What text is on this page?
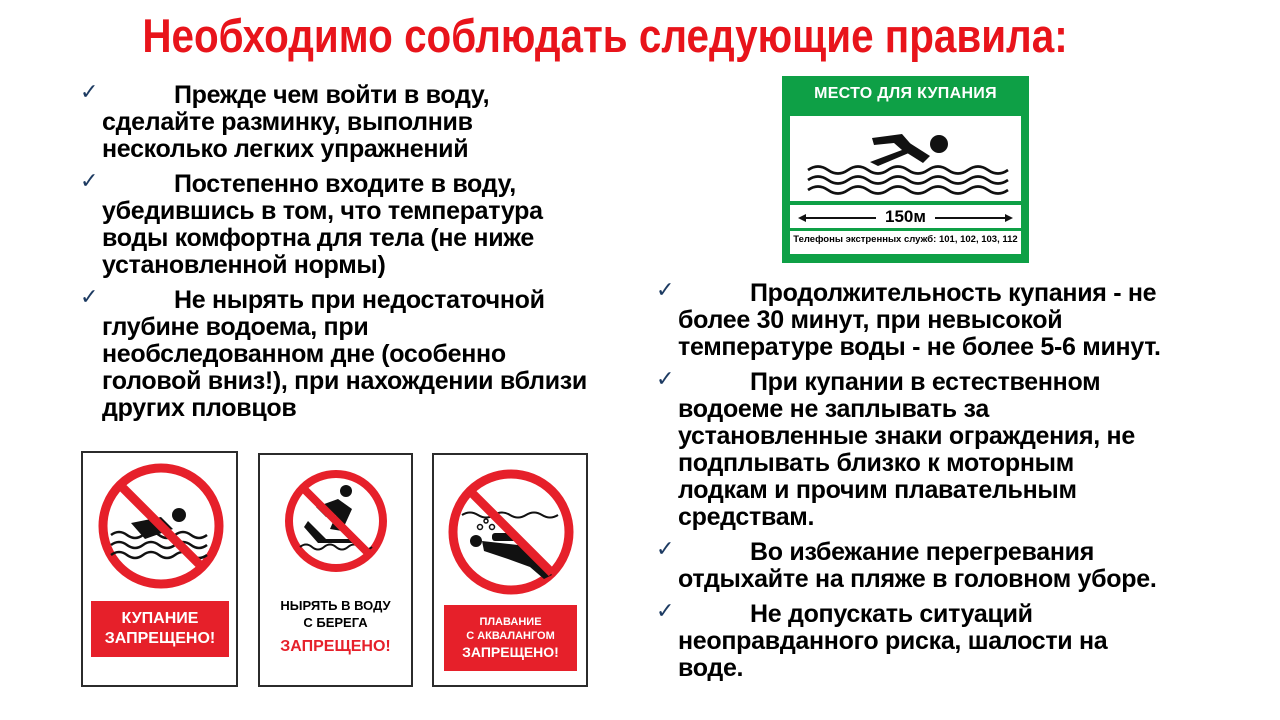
Необходимо соблюдать следующие правила:
✓	Прежде чем войти в воду,
сделайте разминку, выполнив
несколько легких упражнений
✓	Постепенно входите в воду,
убедившись в том, что температура
воды комфортна для тела (не ниже
установленной нормы)
✓	Не нырять при недостаточной
глубине водоема, при
необследованном дне (особенно
головой вниз!), при нахождении вблизи
других пловцов
✓	Продолжительность купания - не
более 30 минут, при невысокой
температуре воды - не более 5-6 минут.
✓	При купании в естественном
водоеме не заплывать за
установленные знаки ограждения, не
подплывать близко к моторным
лодкам и прочим плавательным
средствам.
✓	Во избежание перегревания
отдыхайте на пляже в головном уборе.
✓	Не допускать ситуаций
неоправданного риска, шалости на
воде.
МЕСТО ДЛЯ КУПАНИЯ
150м
Телефоны экстренных служб: 101, 102, 103, 112
КУПАНИЕ
ЗАПРЕЩЕНО!
НЫРЯТЬ В ВОДУ
С БЕРЕГА
ЗАПРЕЩЕНО!
ПЛАВАНИЕ
С АКВАЛАНГОМ
ЗАПРЕЩЕНО!
